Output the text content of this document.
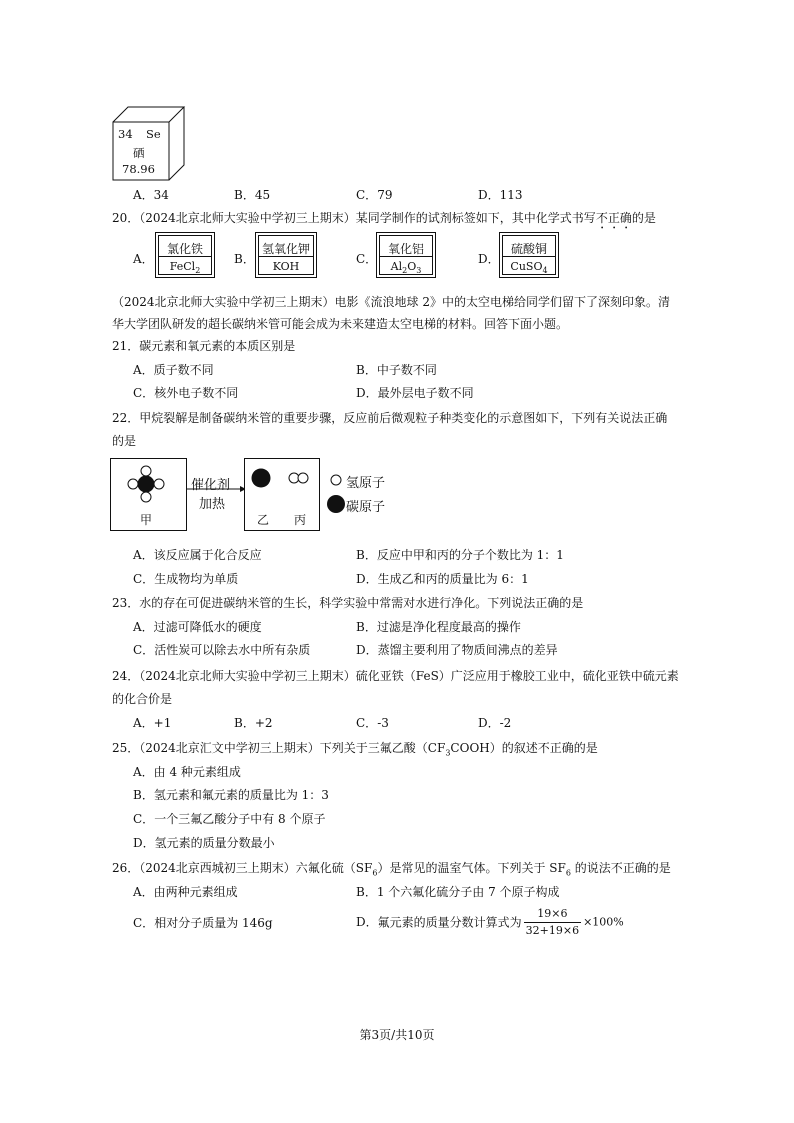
34 Se
硒
78.96
A．34	B．45	C．79	D．113
20．（2024北京北师大实验中学初三上期末）某同学制作的试剂标签如下，其中化学式书写不正确的是
A．
氯化铁
FeCl$_2$
B．
氢氧化钾
KOH
C．
氧化铝
$Al_2O_3$
D．
硫酸铜
CuSO$_4$
（2024北京北师大实验中学初三上期末）电影《流浪地球 2》中的太空电梯给同学们留下了深刻印象。清
华大学团队研发的超长碳纳米管可能会成为未来建造太空电梯的材料。回答下面小题。
21．碳元素和氧元素的本质区别是
A．质子数不同	B．中子数不同
C．核外电子数不同	D．最外层电子数不同
22．甲烷裂解是制备碳纳米管的重要步骤，反应前后微观粒子种类变化的示意图如下，下列有关说法正确
的是
催化剂
加热
甲	乙 丙
氢原子
碳原子
A．该反应属于化合反应	B．反应中甲和丙的分子个数比为 1：1
C．生成物均为单质	D．生成乙和丙的质量比为 6：1
23．水的存在可促进碳纳米管的生长，科学实验中常需对水进行净化。下列说法正确的是
A．过滤可降低水的硬度	B．过滤是净化程度最高的操作
C．活性炭可以除去水中所有杂质	D．蒸馏主要利用了物质间沸点的差异
24．（2024北京北师大实验中学初三上期末）硫化亚铁（FeS）广泛应用于橡胶工业中，硫化亚铁中硫元素
的化合价是
A．+1	B．+2	C．-3	D．-2
25．（2024北京汇文中学初三上期末）下列关于三氟乙酸$(CF_3COOH)$的叙述不正确的是
A．由 4 种元素组成
B．氢元素和氟元素的质量比为 1：3
C．一个三氟乙酸分子中有 8 个原子
D．氢元素的质量分数最小
26．（2024北京西城初三上期末）六氟化硫$(SF_6)$是常见的温室气体。下列关于 $SF_6$ 的说法不正确的是
A．由两种元素组成	B．1 个六氟化硫分子由 7 个原子构成
C．相对分子质量为 146g	D．氟元素的质量分数计算式为 $\frac{19\times 6}{32+19\times 6} \times 100\%$
第3页/共10页
